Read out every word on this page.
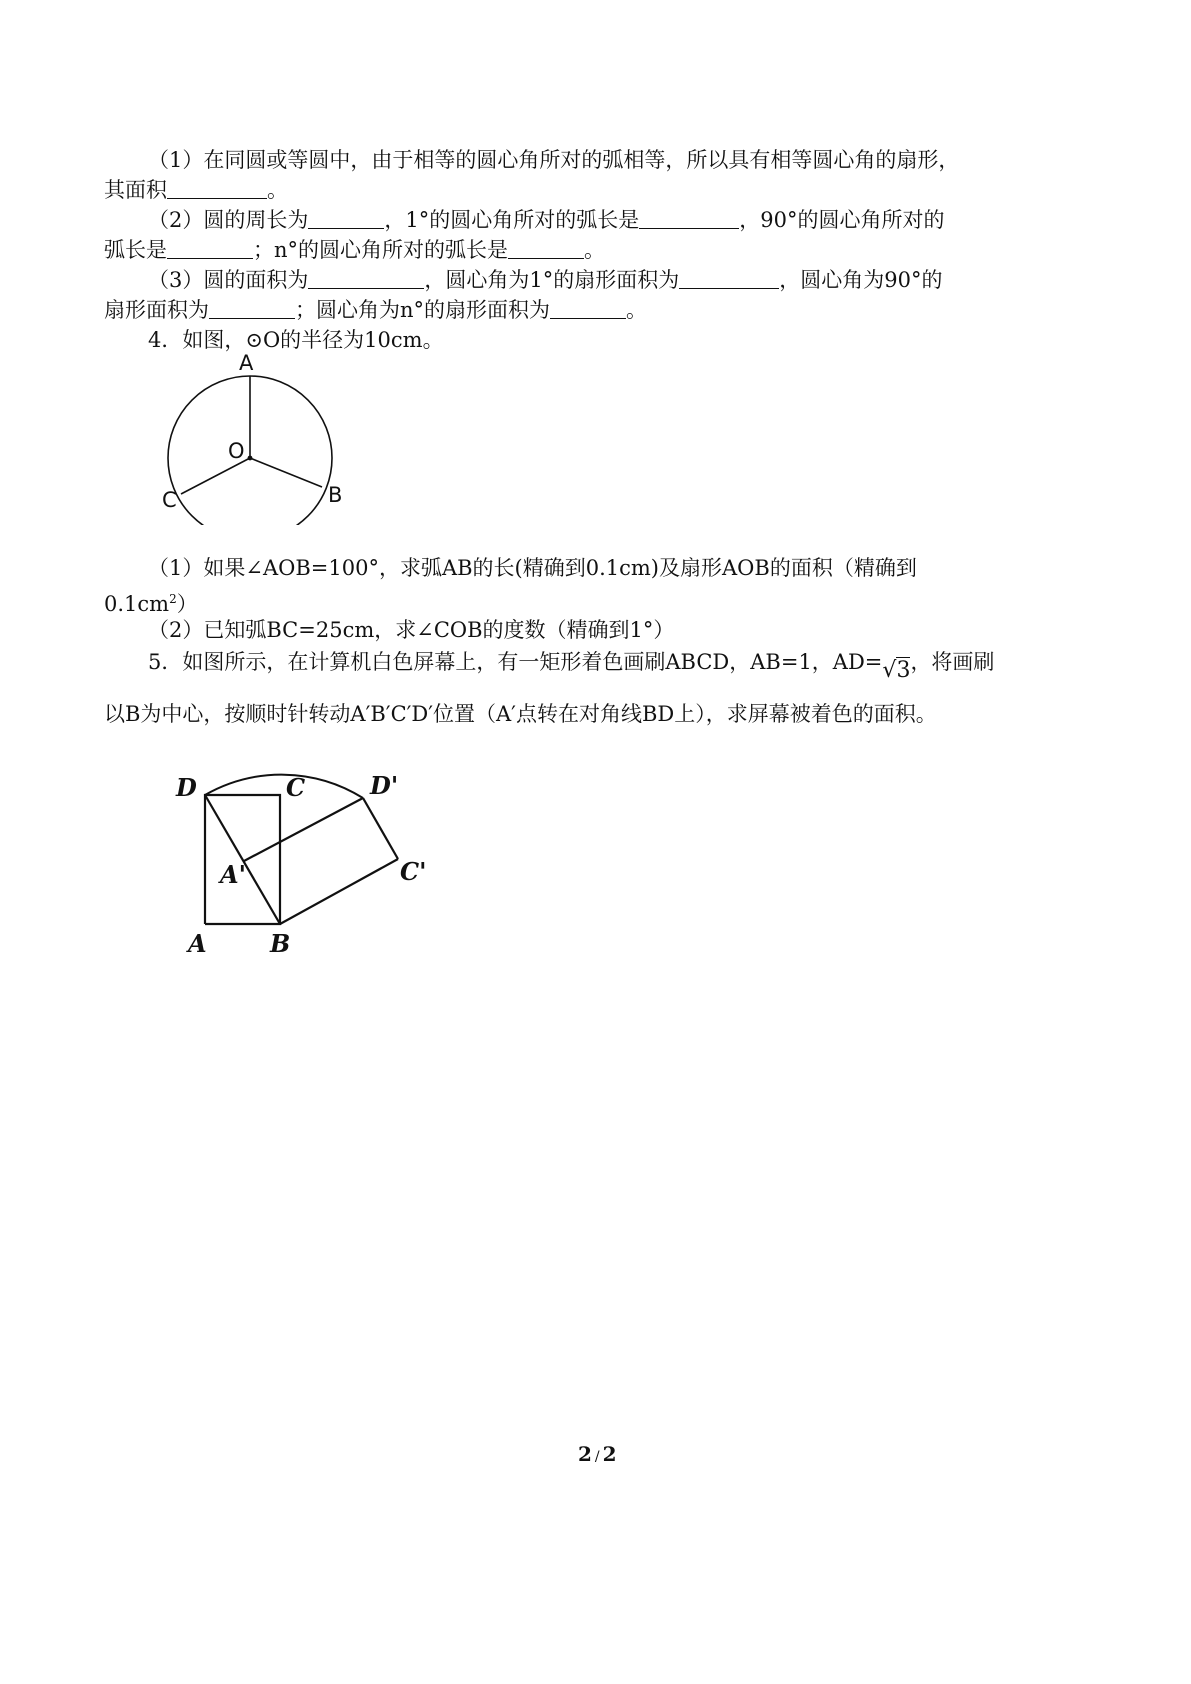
（1）在同圆或等圆中，由于相等的圆心角所对的弧相等，所以具有相等圆心角的扇形，
其面积	。
（2）圆的周长为	，1°的圆心角所对的弧长是	，90°的圆心角所对的
弧长是	；n°的圆心角所对的弧长是	。
（3）圆的面积为	，圆心角为1°的扇形面积为	，圆心角为90°的
扇形面积为	；圆心角为n°的扇形面积为	。
4．如图，⊙O的半径为10cm。
A
O
B
C
（1）如果∠AOB=100°，求弧AB的长(精确到0.1cm)及扇形AOB的面积（精确到
$0.1cm^2$）
（2）已知弧BC=25cm，求∠COB的度数（精确到1°）
5．如图所示，在计算机白色屏幕上，有一矩形着色画刷ABCD，AB=1，AD=√3，将画刷
以B为中心，按顺时针转动A′B′C′D′位置（A′点转在对角线BD上），求屏幕被着色的面积。
D	C	D'
A'	C'
A	B
2 / 2
